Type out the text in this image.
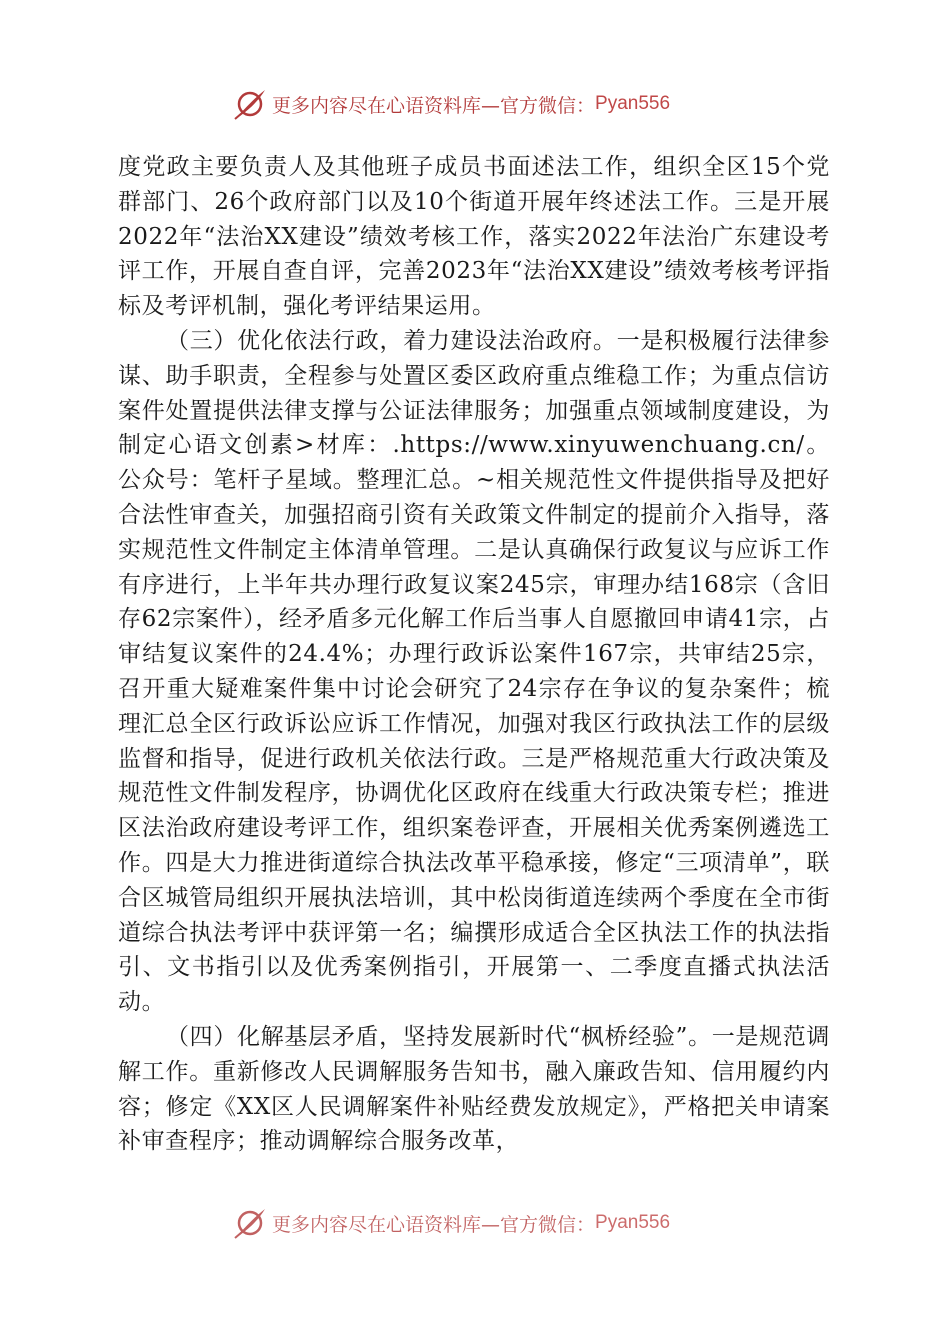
更多内容尽在心语资料库—官方微信： Pyan556

度党政主要负责人及其他班子成员书面述法工作，组织全区15个党群部门、26个政府部门以及10个街道开展年终述法工作。三是开展2022年“法治XX建设”绩效考核工作，落实2022年法治广东建设考评工作，开展自查自评，完善2023年“法治XX建设”绩效考核考评指标及考评机制，强化考评结果运用。

（三）优化依法行政，着力建设法治政府。一是积极履行法律参谋、助手职责，全程参与处置区委区政府重点维稳工作；为重点信访案件处置提供法律支撑与公证法律服务；加强重点领域制度建设，为制定心语文创素>材库：.https://www.xinyuwenchuang.cn/。公众号：笔杆子星域。整理汇总。~相关规范性文件提供指导及把好合法性审查关，加强招商引资有关政策文件制定的提前介入指导，落实规范性文件制定主体清单管理。二是认真确保行政复议与应诉工作有序进行，上半年共办理行政复议案245宗，审理办结168宗（含旧存62宗案件），经矛盾多元化解工作后当事人自愿撤回申请41宗，占审结复议案件的24.4%；办理行政诉讼案件167宗，共审结25宗，召开重大疑难案件集中讨论会研究了24宗存在争议的复杂案件；梳理汇总全区行政诉讼应诉工作情况，加强对我区行政执法工作的层级监督和指导，促进行政机关依法行政。三是严格规范重大行政决策及规范性文件制发程序，协调优化区政府在线重大行政决策专栏；推进区法治政府建设考评工作，组织案卷评查，开展相关优秀案例遴选工作。四是大力推进街道综合执法改革平稳承接，修定“三项清单”，联合区城管局组织开展执法培训，其中松岗街道连续两个季度在全市街道综合执法考评中获评第一名；编撰形成适合全区执法工作的执法指引、文书指引以及优秀案例指引，开展第一、二季度直播式执法活动。

（四）化解基层矛盾，坚持发展新时代“枫桥经验”。一是规范调解工作。重新修改人民调解服务告知书，融入廉政告知、信用履约内容；修定《XX区人民调解案件补贴经费发放规定》，严格把关申请案补审查程序；推动调解综合服务改革，

更多内容尽在心语资料库—官方微信： Pyan556
